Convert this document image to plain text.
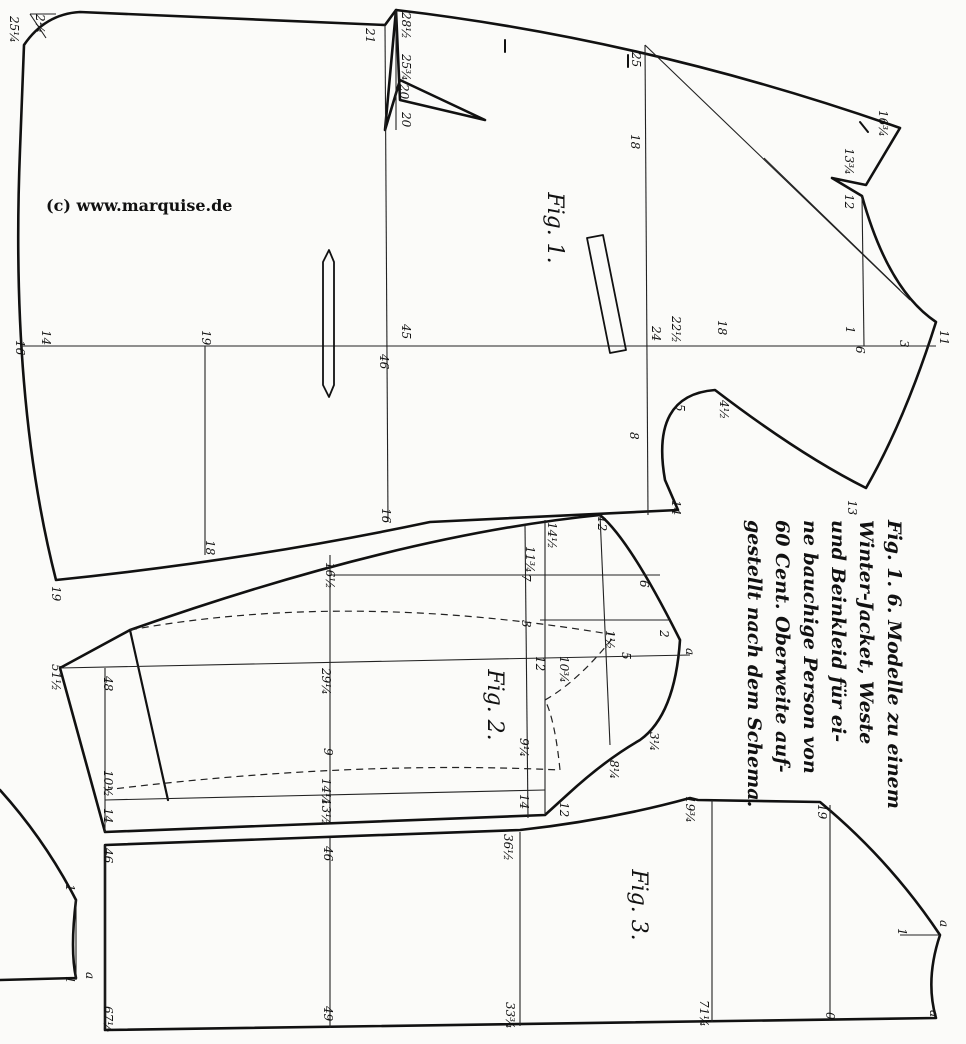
Fig. 1.
Fig. 2.
Fig. 3.
Fig. 1. 6. Modelle zu einem
Winter-Jacket, Weste
und Beinkleid für ei-
ne bauchige Person von
60 Cent. Oberweite auf-
gestellt nach dem Schema.
25¼ 2¼
21 28½
25¾
20
20
25
18
16¾
13¾
12
45
46
16
14	19	24 22½	18	1
6
3 11
8
5	4½
13
14
16
18
19
14½	12
11¾
16½	7
3
6
2
1½
5
a
12 10¾
29¼
51½	48
9¼
9
3¼
8¼
14
12
14¼
13½
10½
14	19¾	19
1
a
46	46	36½
67½	49	33¾	71¼	0	a
a
1
1
(c) www.marquise.de
